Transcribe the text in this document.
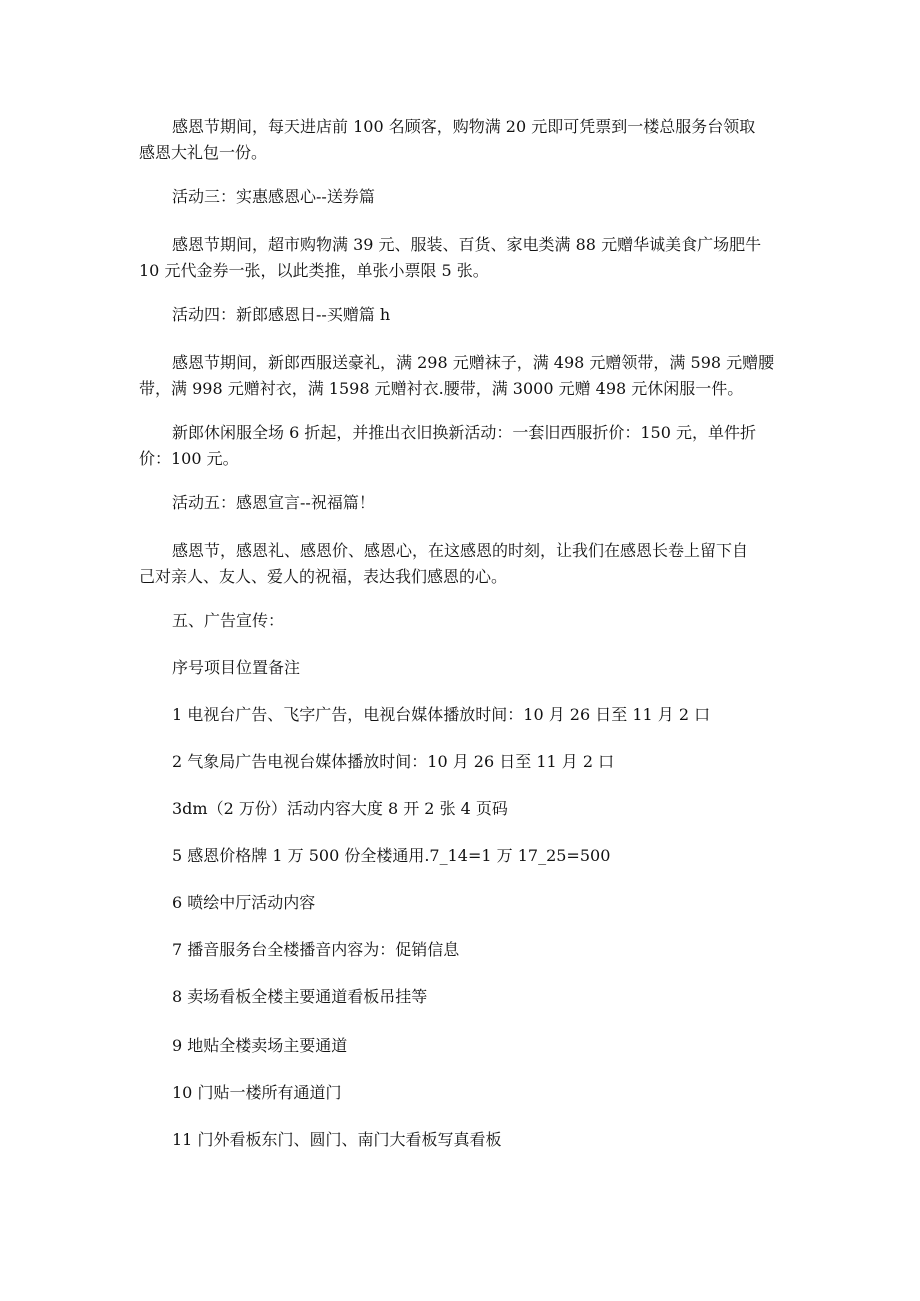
感恩节期间，每天进店前 100 名顾客，购物满 20 元即可凭票到一楼总服务台领取
感恩大礼包一份。

活动三：实惠感恩心--送券篇

感恩节期间，超市购物满 39 元、服装、百货、家电类满 88 元赠华诚美食广场肥牛
10 元代金券一张，以此类推，单张小票限 5 张。

活动四：新郎感恩日--买赠篇 h

感恩节期间，新郎西服送豪礼，满 298 元赠袜子，满 498 元赠领带，满 598 元赠腰
带，满 998 元赠衬衣，满 1598 元赠衬衣.腰带，满 3000 元赠 498 元休闲服一件。

新郎休闲服全场 6 折起，并推出衣旧换新活动：一套旧西服折价：150 元，单件折
价：100 元。

活动五：感恩宣言--祝福篇！

感恩节，感恩礼、感恩价、感恩心，在这感恩的时刻，让我们在感恩长卷上留下自
己对亲人、友人、爱人的祝福，表达我们感恩的心。

五、广告宣传：

序号项目位置备注

1 电视台广告、飞字广告，电视台媒体播放时间：10 月 26 日至 11 月 2 口

2 气象局广告电视台媒体播放时间：10 月 26 日至 11 月 2 口

3dm（2 万份）活动内容大度 8 开 2 张 4 页码

5 感恩价格牌 1 万 500 份全楼通用.7_14=1 万 17_25=500

6 喷绘中厅活动内容

7 播音服务台全楼播音内容为：促销信息

8 卖场看板全楼主要通道看板吊挂等

9 地贴全楼卖场主要通道

10 门贴一楼所有通道门

11 门外看板东门、圆门、南门大看板写真看板
